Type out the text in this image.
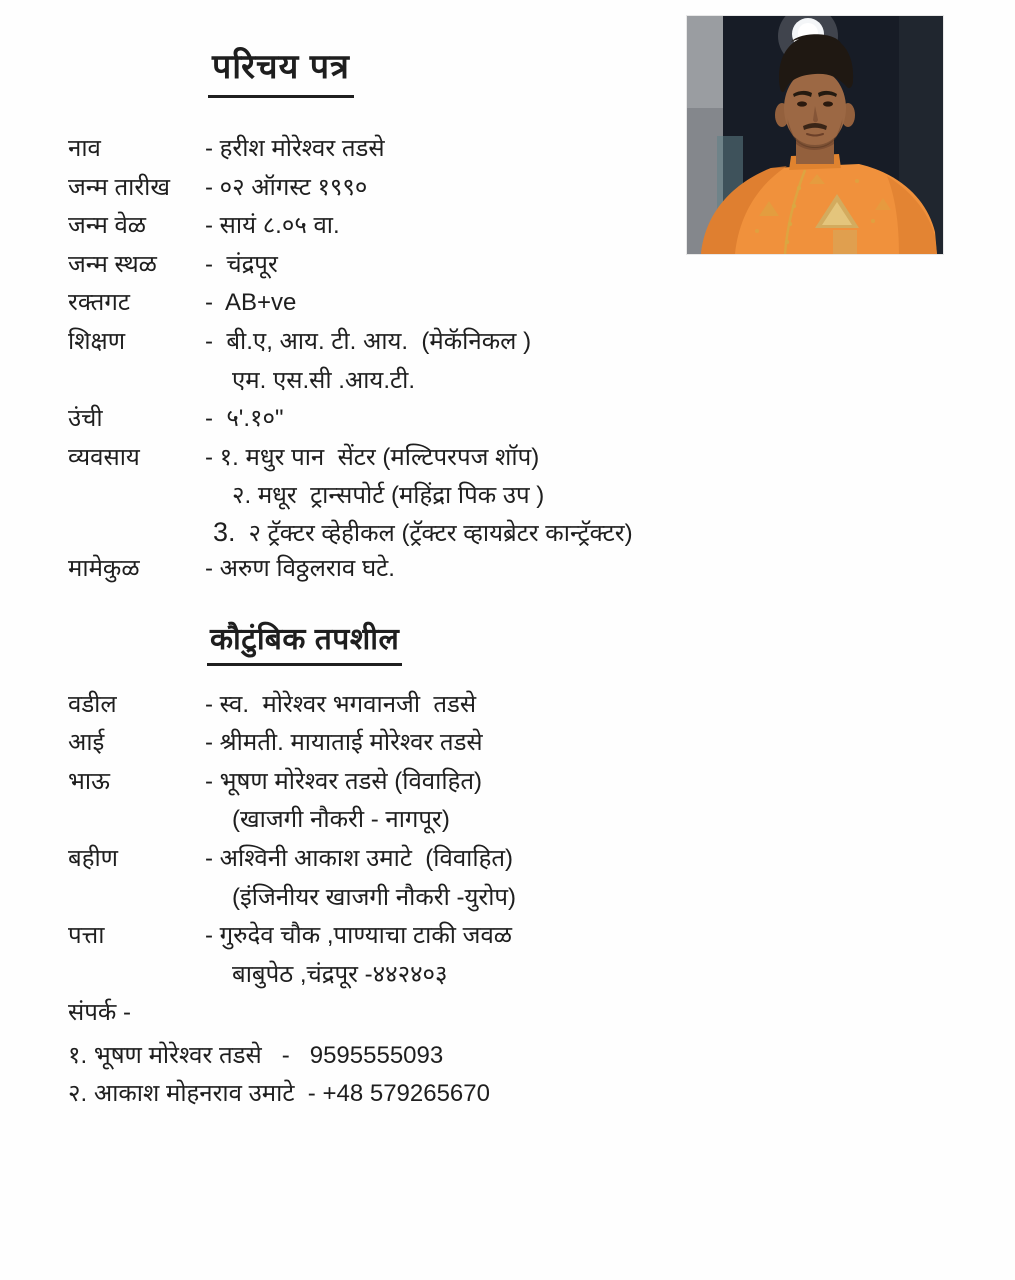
परिचय पत्र
नाव	- हरीश मोरेश्वर तडसे
जन्म तारीख	- ०२ ऑगस्ट १९९०
जन्म वेळ	- सायं ८.०५ वा.
जन्म स्थळ	-  चंद्रपूर
रक्तगट	-  AB+ve
शिक्षण	-  बी.ए, आय. टी. आय.  (मेकॅनिकल )
एम. एस.सी .आय.टी.
उंची	-  ५'.१०"
व्यवसाय	- १. मधुर पान  सेंटर (मल्टिपरपज शॉप)
२. मधूर  ट्रान्सपोर्ट (महिंद्रा पिक उप )
3. २ ट्रॅक्टर व्हेहीकल (ट्रॅक्टर व्हायब्रेटर कान्ट्रॅक्टर)
मामेकुळ	- अरुण विठ्ठलराव घटे.
कौटुंबिक तपशील
वडील	- स्व.  मोरेश्वर भगवानजी  तडसे
आई	- श्रीमती. मायाताई मोरेश्वर तडसे
भाऊ	- भूषण मोरेश्वर तडसे (विवाहित)
(खाजगी नौकरी - नागपूर)
बहीण	- अश्विनी आकाश उमाटे  (विवाहित)
(इंजिनीयर खाजगी नौकरी -युरोप)
पत्ता	- गुरुदेव चौक ,पाण्याचा टाकी जवळ
बाबुपेठ ,चंद्रपूर -४४२४०३
संपर्क -
१. भूषण मोरेश्वर तडसे   -   9595555093
२. आकाश मोहनराव उमाटे  - +48 579265670
